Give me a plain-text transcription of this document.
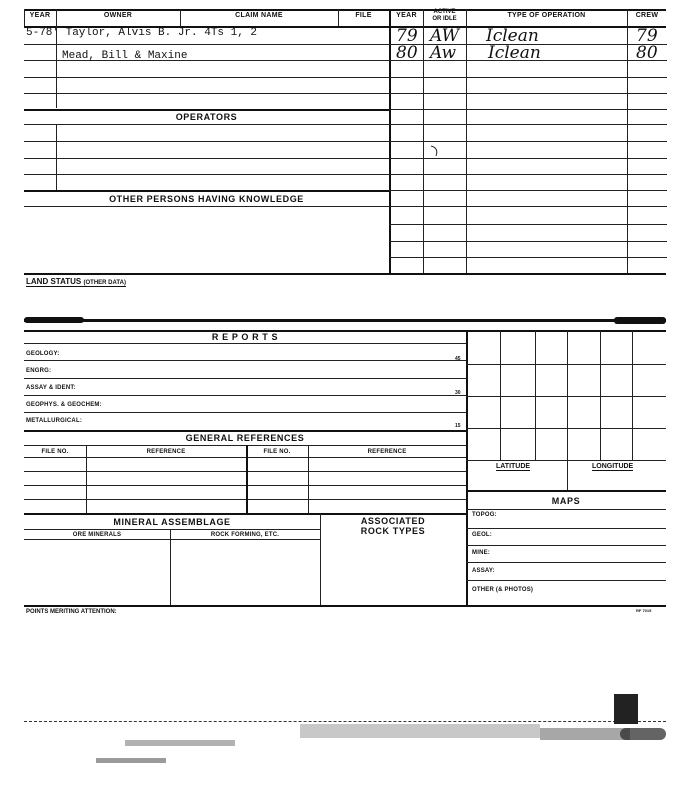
YEAR	OWNER	CLAIM NAME	FILE	YEAR	ACTIVE
OR IDLE	TYPE OF OPERATION	CREW
5-78' Taylor, Alvis B. Jr. 4Ts 1, 2
Mead, Bill & Maxine
OPERATORS
OTHER PERSONS HAVING KNOWLEDGE
79 AW Iclean	79
80 Aw Iclean	80
LAND STATUS (OTHER DATA)
R E P O R T S
GEOLOGY:
ENGRG:
ASSAY & IDENT:
GEOPHYS. & GEOCHEM:
METALLURGICAL:
45
30
15
GENERAL REFERENCES
FILE NO.	REFERENCE	FILE NO.	REFERENCE
MINERAL ASSEMBLAGE	ASSOCIATED
ROCK TYPES
ORE MINERALS	ROCK FORMING, ETC.
LATITUDE	LONGITUDE
MAPS
TOPOG:
GEOL:
MINE:
ASSAY:
OTHER (& PHOTOS)
POINTS MERITING ATTENTION:	RF 7015
